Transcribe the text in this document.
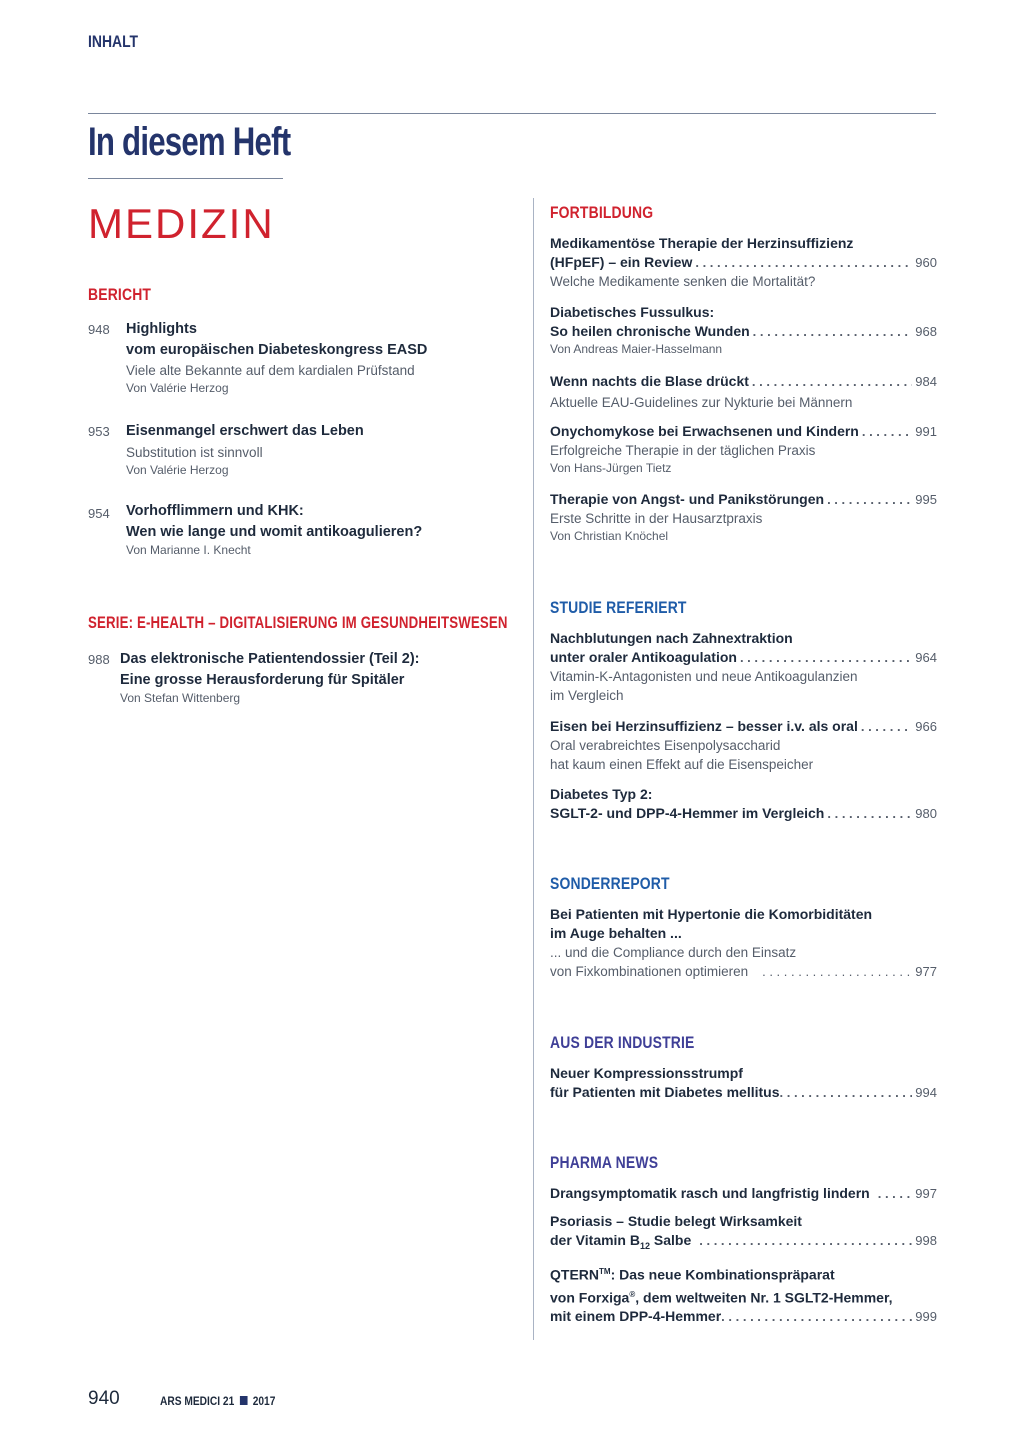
INHALT
In diesem Heft
MEDIZIN
BERICHT
948 Highlights
vom europäischen Diabeteskongress EASD
Viele alte Bekannte auf dem kardialen Prüfstand
Von Valérie Herzog
953 Eisenmangel erschwert das Leben
Substitution ist sinnvoll
Von Valérie Herzog
954 Vorhofflimmern und KHK:
Wen wie lange und womit antikoagulieren?
Von Marianne I. Knecht
SERIE: E-HEALTH – DIGITALISIERUNG IM GESUNDHEITSWESEN
988 Das elektronische Patientendossier (Teil 2):
Eine grosse Herausforderung für Spitäler
Von Stefan Wittenberg
FORTBILDUNG
Medikamentöse Therapie der Herzinsuffizienz
(HFpEF) – ein Review . . .	960
Welche Medikamente senken die Mortalität?
Diabetisches Fussulkus:
So heilen chronische Wunden . . .	968
Von Andreas Maier-Hasselmann
Wenn nachts die Blase drückt . . .	984
Aktuelle EAU-Guidelines zur Nykturie bei Männern
Onychomykose bei Erwachsenen und Kindern . . .	991
Erfolgreiche Therapie in der täglichen Praxis
Von Hans-Jürgen Tietz
Therapie von Angst- und Panikstörungen . . .	995
Erste Schritte in der Hausarztpraxis
Von Christian Knöchel
STUDIE REFERIERT
Nachblutungen nach Zahnextraktion
unter oraler Antikoagulation . . .	964
Vitamin-K-Antagonisten und neue Antikoagulanzien
im Vergleich
Eisen bei Herzinsuffizienz – besser i.v. als oral . . .	966
Oral verabreichtes Eisenpolysaccharid
hat kaum einen Effekt auf die Eisenspeicher
Diabetes Typ 2:
SGLT-2- und DPP-4-Hemmer im Vergleich . . .	980
SONDERREPORT
Bei Patienten mit Hypertonie die Komorbiditäten
im Auge behalten ...
... und die Compliance durch den Einsatz
von Fixkombinationen optimieren . . .	977
AUS DER INDUSTRIE
Neuer Kompressionsstrumpf
für Patienten mit Diabetes mellitus . . .	994
PHARMA NEWS
Drangsymptomatik rasch und langfristig lindern . . .	997
Psoriasis – Studie belegt Wirksamkeit
der Vitamin $B_{12}$ Salbe . . .	998
QTERN™: Das neue Kombinationspräparat
von Forxiga®, dem weltweiten Nr. 1 SGLT2-Hemmer,
mit einem DPP-4-Hemmer . . .	999
940	ARS MEDICI 21 2017
